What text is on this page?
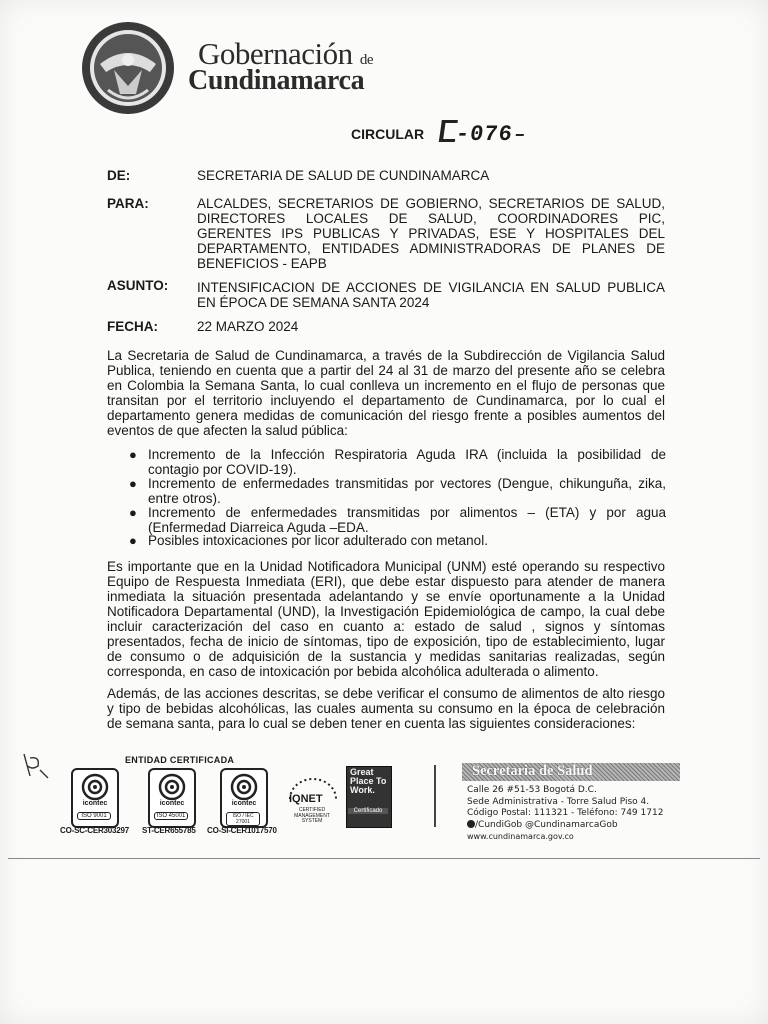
Gobernación de
Cundinamarca
CIRCULAR	-076
DE:	SECRETARIA DE SALUD DE CUNDINAMARCA
PARA:	ALCALDES, SECRETARIOS DE GOBIERNO, SECRETARIOS DE SALUD,
DIRECTORES LOCALES DE SALUD, COORDINADORES PIC,
GERENTES IPS PUBLICAS Y PRIVADAS, ESE Y HOSPITALES DEL
DEPARTAMENTO, ENTIDADES ADMINISTRADORAS DE PLANES DE
BENEFICIOS - EAPB
ASUNTO: INTENSIFICACION DE ACCIONES DE VIGILANCIA EN SALUD PUBLICA
EN ÉPOCA DE SEMANA SANTA 2024
FECHA:	22 MARZO 2024
La Secretaria de Salud de Cundinamarca, a través de la Subdirección de Vigilancia Salud
Publica, teniendo en cuenta que a partir del 24 al 31 de marzo del presente año se celebra
en Colombia la Semana Santa, lo cual conlleva un incremento en el flujo de personas que
transitan por el territorio incluyendo el departamento de Cundinamarca, por lo cual el
departamento genera medidas de comunicación del riesgo frente a posibles aumentos del
eventos de que afecten la salud pública:
● Incremento de la Infección Respiratoria Aguda IRA (incluida la posibilidad de
contagio por COVID-19).
● Incremento de enfermedades transmitidas por vectores (Dengue, chikunguña, zika,
entre otros).
● Incremento de enfermedades transmitidas por alimentos – (ETA) y por agua
(Enfermedad Diarreica Aguda –EDA.
● Posibles intoxicaciones por licor adulterado con metanol.
Es importante que en la Unidad Notificadora Municipal (UNM) esté operando su respectivo
Equipo de Respuesta Inmediata (ERI), que debe estar dispuesto para atender de manera
inmediata la situación presentada adelantando y se envíe oportunamente a la Unidad
Notificadora Departamental (UND), la Investigación Epidemiológica de campo, la cual debe
incluir caracterización del caso en cuanto a: estado de salud , signos y síntomas
presentados, fecha de inicio de síntomas, tipo de exposición, tipo de establecimiento, lugar
de consumo o de adquisición de la sustancia y medidas sanitarias realizadas, según
corresponda, en caso de intoxicación por bebida alcohólica adulterada o alimento.
Además, de las acciones descritas, se debe verificar el consumo de alimentos de alto riesgo
y tipo de bebidas alcohólicas, las cuales aumenta su consumo en la época de celebración
de semana santa, para lo cual se deben tener en cuenta las siguientes consideraciones:
ENTIDAD CERTIFICADA
icontec
ISO 9001
CO-SC-CER303297
icontec
ISO 45001
ST-CER655785
icontec
ISO / IEC 27001
CO-SI-CER1017570
IQNET
CERTIFIED MANAGEMENT SYSTEM
Great Place To Work.
Certificado
Secretaria de Salud
Calle 26 #51-53 Bogotá D.C.
Sede Administrativa - Torre Salud Piso 4.
Código Postal: 111321 - Teléfono: 749 1712
/CundiGob @CundinamarcaGob
www.cundinamarca.gov.co
